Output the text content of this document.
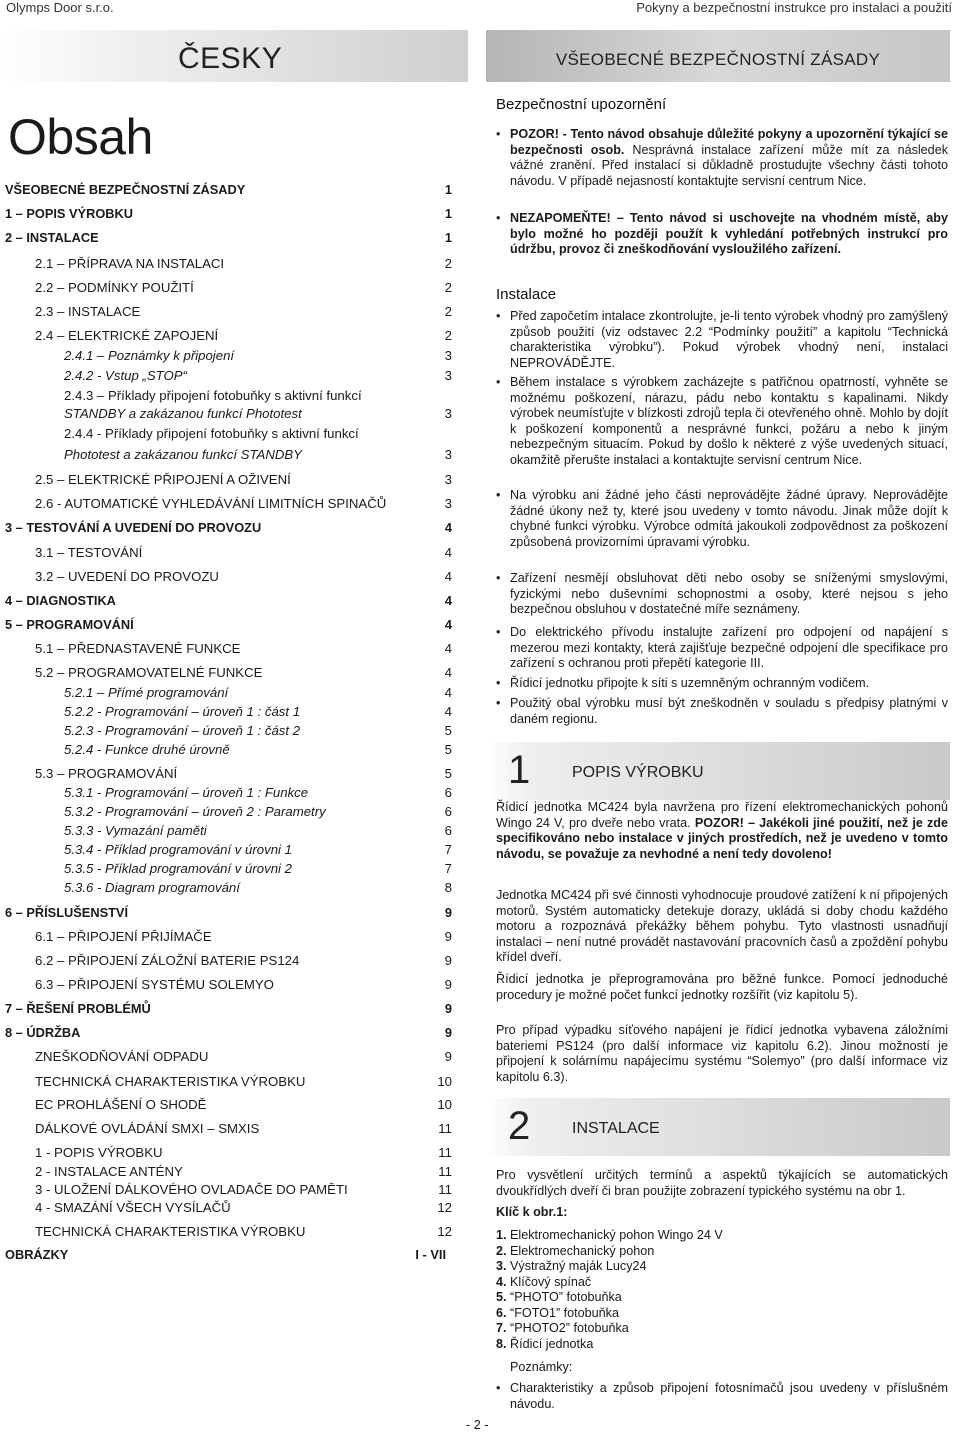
Olymps Door s.r.o.	Pokyny a bezpečnostní instrukce pro instalaci a použití
ČESKY
Obsah
VŠEOBECNÉ BEZPEČNOSTNÍ ZÁSADY	1
1 – POPIS VÝROBKU	1
2 – INSTALACE	1
2.1 – PŘÍPRAVA NA INSTALACI	2
2.2 – PODMÍNKY POUŽITÍ	2
2.3 – INSTALACE	2
2.4 – ELEKTRICKÉ ZAPOJENÍ	2
2.4.1 – Poznámky k připojení	3
2.4.2 - Vstup „STOP“	3
2.4.3 – Příklady připojení fotobuňky s aktivní funkcí
STANDBY a zakázanou funkcí Phototest	3
2.4.4 - Příklady připojení fotobuňky s aktivní funkcí
Phototest a zakázanou funkcí STANDBY	3
2.5 – ELEKTRICKÉ PŘIPOJENÍ A OŽIVENÍ	3
2.6 - AUTOMATICKÉ VYHLEDÁVÁNÍ LIMITNÍCH SPINAČŮ	3
3 – TESTOVÁNÍ A UVEDENÍ DO PROVOZU	4
3.1 – TESTOVÁNÍ	4
3.2 – UVEDENÍ DO PROVOZU	4
4 – DIAGNOSTIKA	4
5 – PROGRAMOVÁNÍ	4
5.1 – PŘEDNASTAVENÉ FUNKCE	4
5.2 – PROGRAMOVATELNÉ FUNKCE	4
5.2.1 – Přímé programování	4
5.2.2 - Programování – úroveň 1 : část 1	4
5.2.3 - Programování – úroveň 1 : část 2	5
5.2.4 - Funkce druhé úrovně	5
5.3 – PROGRAMOVÁNÍ	5
5.3.1 - Programování – úroveň 1 : Funkce	6
5.3.2 - Programování – úroveň 2 : Parametry	6
5.3.3 - Vymazání paměti	6
5.3.4 - Příklad programování v úrovni 1	7
5.3.5 - Příklad programování v úrovni 2	7
5.3.6 - Diagram programování	8
6 – PŘÍSLUŠENSTVÍ	9
6.1 – PŘIPOJENÍ PŘIJÍMAČE	9
6.2 – PŘIPOJENÍ ZÁLOŽNÍ BATERIE PS124	9
6.3 – PŘIPOJENÍ SYSTÉMU SOLEMYO	9
7 – ŘEŠENÍ PROBLÉMŮ	9
8 – ÚDRŽBA	9
ZNEŠKODŇOVÁNÍ ODPADU	9
TECHNICKÁ CHARAKTERISTIKA VÝROBKU	10
EC PROHLÁŠENÍ O SHODĚ	10
DÁLKOVÉ OVLÁDÁNÍ SMXI – SMXIS	11
1 - POPIS VÝROBKU	11
2 - INSTALACE ANTÉNY	11
3 - ULOŽENÍ DÁLKOVÉHO OVLADAČE DO PAMĚTI	11
4 - SMAZÁNÍ VŠECH VYSÍLAČŮ	12
TECHNICKÁ CHARAKTERISTIKA VÝROBKU	12
OBRÁZKY	I - VII
VŠEOBECNÉ BEZPEČNOSTNÍ ZÁSADY
Bezpečnostní upozornění
• POZOR! - Tento návod obsahuje důležité pokyny a upozornění týkající se bezpečnosti osob. Nesprávná instalace zařízení může mít za následek vážné zranění. Před instalací si důkladně prostudujte všechny části tohoto návodu. V případě nejasností kontaktujte servisní centrum Nice.
• NEZAPOMEŇTE! – Tento návod si uschovejte na vhodném místě, aby bylo možné ho později použít k vyhledání potřebných instrukcí pro údržbu, provoz či zneškodňování vysloužilého zařízení.
Instalace
• Před započetím intalace zkontrolujte, je-li tento výrobek vhodný pro zamýšlený způsob použití (viz odstavec 2.2 “Podmínky použití” a kapitolu “Technická charakteristika výrobku”). Pokud výrobek vhodný není, instalaci NEPROVÁDĚJTE.
• Během instalace s výrobkem zacházejte s patřičnou opatrností, vyhněte se možnému poškození, nárazu, pádu nebo kontaktu s kapalinami. Nikdy výrobek neumísťujte v blízkosti zdrojů tepla či otevřeného ohně. Mohlo by dojít k poškození komponentů a nesprávné funkci, požáru a nebo k jiným nebezpečným situacím. Pokud by došlo k některé z výše uvedených situací, okamžitě přerušte instalaci a kontaktujte servisní centrum Nice.
• Na výrobku ani žádné jeho části neprovádějte žádné úpravy. Neprovádějte žádné úkony než ty, které jsou uvedeny v tomto návodu. Jinak může dojít k chybné funkci výrobku. Výrobce odmítá jakoukoli zodpovědnost za poškození způsobená provizorními úpravami výrobku.
• Zařízení nesmějí obsluhovat děti nebo osoby se sníženými smyslovými, fyzickými nebo duševními schopnostmi a osoby, které nejsou s jeho bezpečnou obsluhou v dostatečné míře seznámeny.
• Do elektrického přívodu instalujte zařízení pro odpojení od napájení s mezerou mezi kontakty, která zajišťuje bezpečné odpojení dle specifikace pro zařízení s ochranou proti přepětí kategorie III.
• Řídicí jednotku připojte k síti s uzemněným ochranným vodičem.
• Použitý obal výrobku musí být zneškodněn v souladu s předpisy platnými v daném regionu.
1	POPIS VÝROBKU
Řídicí jednotka MC424 byla navržena pro řízení elektromechanických pohonů Wingo 24 V, pro dveře nebo vrata. POZOR! – Jakékoli jiné použití, než je zde specifikováno nebo instalace v jiných prostředích, než je uvedeno v tomto návodu, se považuje za nevhodné a není tedy dovoleno!
Jednotka MC424 při své činnosti vyhodnocuje proudové zatížení k ní připojených motorů. Systém automaticky detekuje dorazy, ukládá si doby chodu každého motoru a rozpoznává překážky během pohybu. Tyto vlastnosti usnadňují instalaci – není nutné provádět nastavování pracovních časů a zpoždění pohybu křídel dveří.
Řídicí jednotka je přeprogramována pro běžné funkce. Pomocí jednoduché procedury je možné počet funkcí jednotky rozšířit (viz kapitolu 5).
Pro případ výpadku síťového napájení je řídicí jednotka vybavena záložními bateriemi PS124 (pro další informace viz kapitolu 6.2). Jinou možností je připojení k solárnímu napájecímu systému “Solemyo” (pro další informace viz kapitolu 6.3).
2	INSTALACE
Pro vysvětlení určitých termínů a aspektů týkajících se automatických dvoukřídlých dveří či bran použijte zobrazení typického systému na obr 1.
Klíč k obr.1:
1. Elektromechanický pohon Wingo 24 V
2. Elektromechanický pohon
3. Výstražný maják Lucy24
4. Klíčový spínač
5. “PHOTO” fotobuňka
6. “FOTO1” fotobuňka
7. “PHOTO2” fotobuňka
8. Řídicí jednotka
Poznámky:
• Charakteristiky a způsob připojení fotosnímačů jsou uvedeny v příslušném návodu.
- 2 -
